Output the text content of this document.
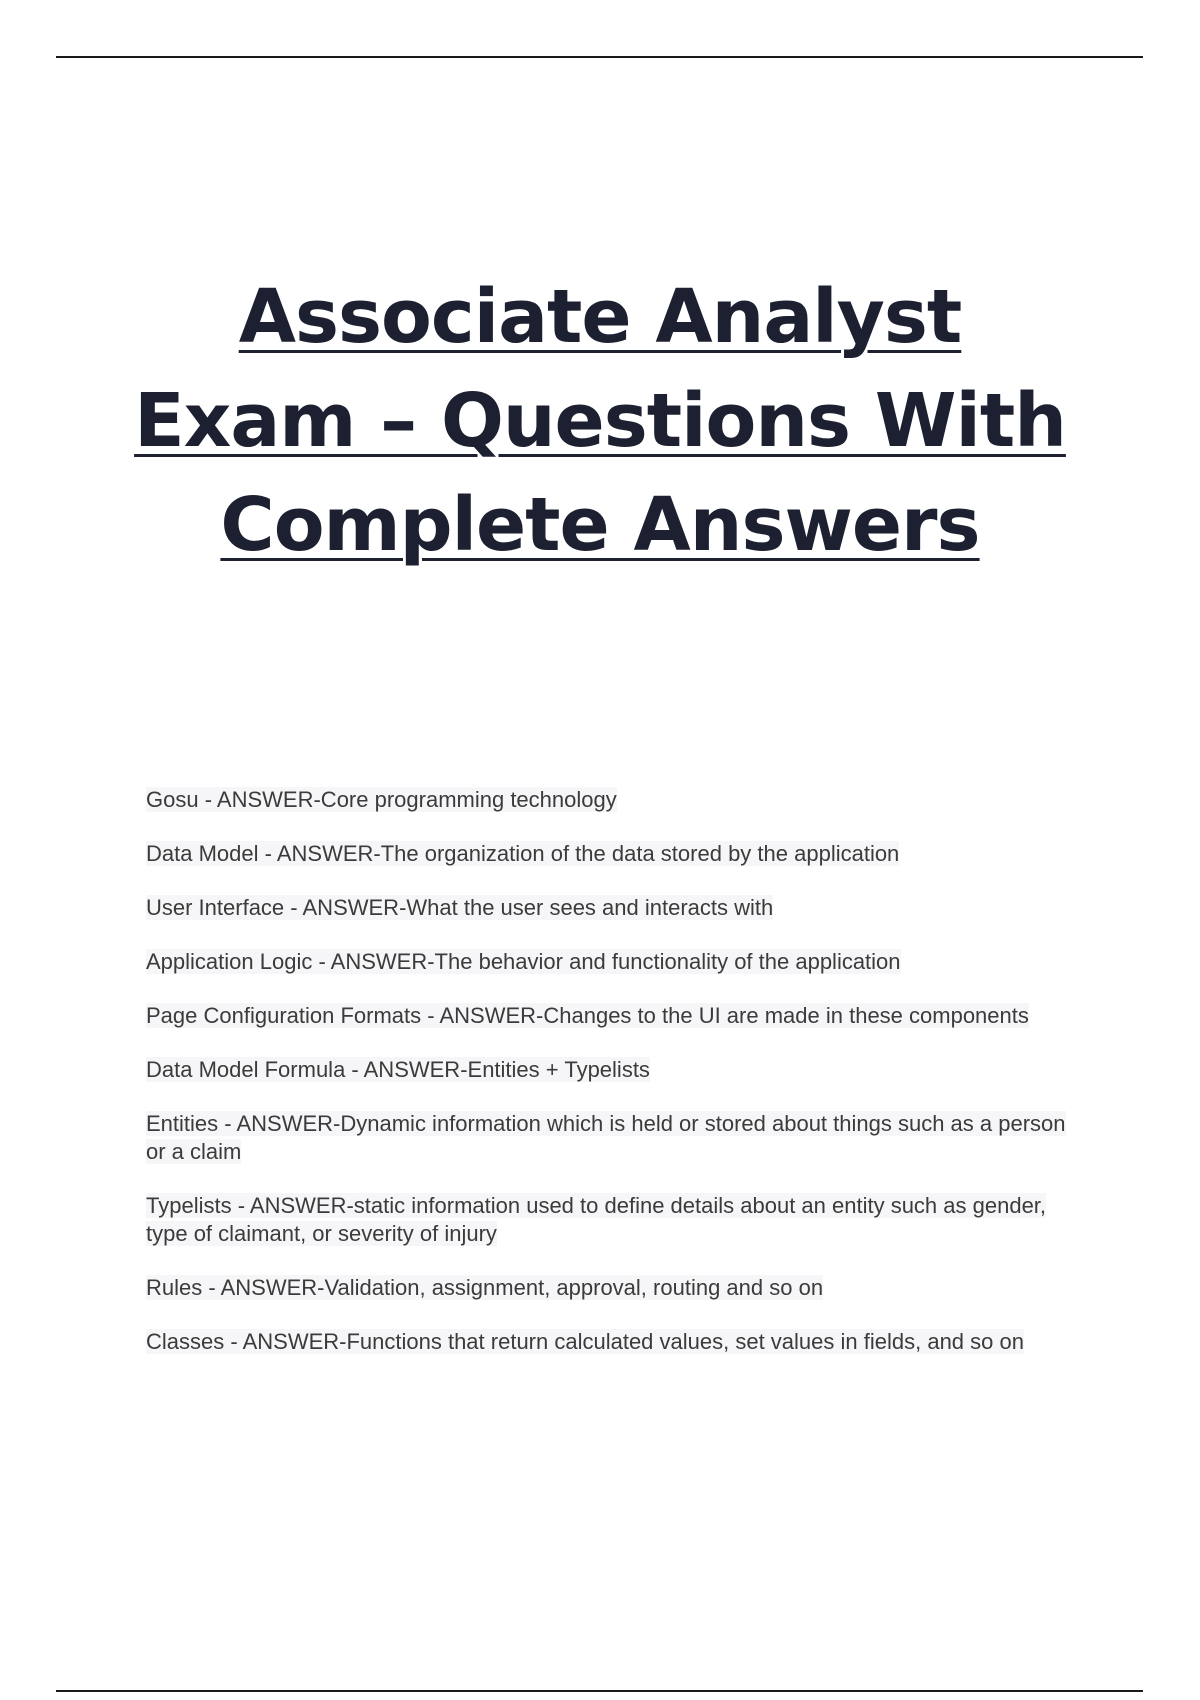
Associate Analyst
Exam – Questions With
Complete Answers
Gosu - ANSWER-Core programming technology
Data Model - ANSWER-The organization of the data stored by the application
User Interface - ANSWER-What the user sees and interacts with
Application Logic - ANSWER-The behavior and functionality of the application
Page Configuration Formats - ANSWER-Changes to the UI are made in these components
Data Model Formula - ANSWER-Entities + Typelists
Entities - ANSWER-Dynamic information which is held or stored about things such as a person or a claim
Typelists - ANSWER-static information used to define details about an entity such as gender, type of claimant, or severity of injury
Rules - ANSWER-Validation, assignment, approval, routing and so on
Classes - ANSWER-Functions that return calculated values, set values in fields, and so on
